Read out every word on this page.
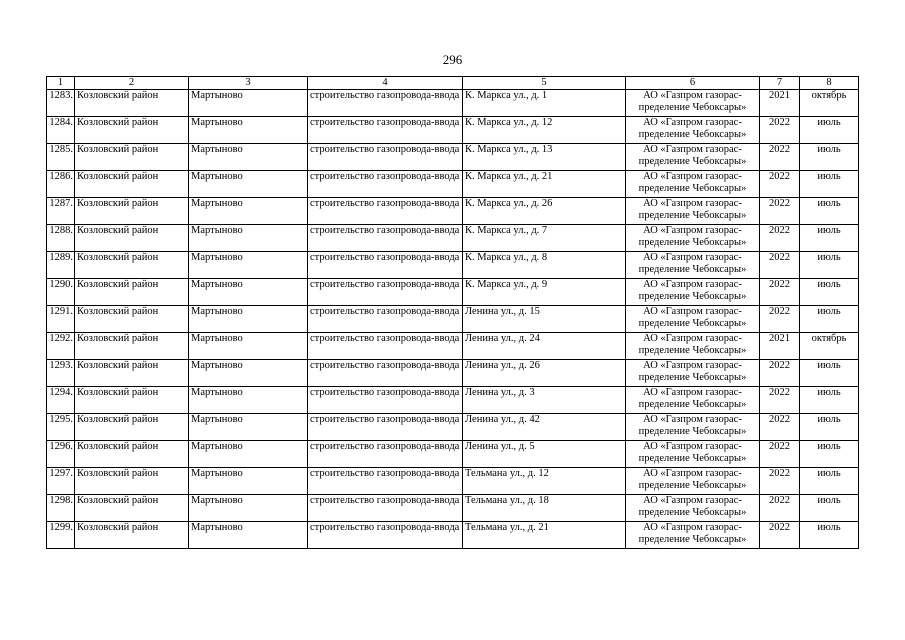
296
1	2	3	4	5	6	7	8
1283.	Козловский район	Мартыново	строительство газопровода-ввода	К. Маркса ул., д. 1	АО «Газпром газорас-пределение Чебоксары»	2021	октябрь
1284.	Козловский район	Мартыново	строительство газопровода-ввода	К. Маркса ул., д. 12	АО «Газпром газорас-пределение Чебоксары»	2022	июль
1285.	Козловский район	Мартыново	строительство газопровода-ввода	К. Маркса ул., д. 13	АО «Газпром газорас-пределение Чебоксары»	2022	июль
1286.	Козловский район	Мартыново	строительство газопровода-ввода	К. Маркса ул., д. 21	АО «Газпром газорас-пределение Чебоксары»	2022	июль
1287.	Козловский район	Мартыново	строительство газопровода-ввода	К. Маркса ул., д. 26	АО «Газпром газорас-пределение Чебоксары»	2022	июль
1288.	Козловский район	Мартыново	строительство газопровода-ввода	К. Маркса ул., д. 7	АО «Газпром газорас-пределение Чебоксары»	2022	июль
1289.	Козловский район	Мартыново	строительство газопровода-ввода	К. Маркса ул., д. 8	АО «Газпром газорас-пределение Чебоксары»	2022	июль
1290.	Козловский район	Мартыново	строительство газопровода-ввода	К. Маркса ул., д. 9	АО «Газпром газорас-пределение Чебоксары»	2022	июль
1291.	Козловский район	Мартыново	строительство газопровода-ввода	Ленина ул., д. 15	АО «Газпром газорас-пределение Чебоксары»	2022	июль
1292.	Козловский район	Мартыново	строительство газопровода-ввода	Ленина ул., д. 24	АО «Газпром газорас-пределение Чебоксары»	2021	октябрь
1293.	Козловский район	Мартыново	строительство газопровода-ввода	Ленина ул., д. 26	АО «Газпром газорас-пределение Чебоксары»	2022	июль
1294.	Козловский район	Мартыново	строительство газопровода-ввода	Ленина ул., д. 3	АО «Газпром газорас-пределение Чебоксары»	2022	июль
1295.	Козловский район	Мартыново	строительство газопровода-ввода	Ленина ул., д. 42	АО «Газпром газорас-пределение Чебоксары»	2022	июль
1296.	Козловский район	Мартыново	строительство газопровода-ввода	Ленина ул., д. 5	АО «Газпром газорас-пределение Чебоксары»	2022	июль
1297.	Козловский район	Мартыново	строительство газопровода-ввода	Тельмана ул., д. 12	АО «Газпром газорас-пределение Чебоксары»	2022	июль
1298.	Козловский район	Мартыново	строительство газопровода-ввода	Тельмана ул., д. 18	АО «Газпром газорас-пределение Чебоксары»	2022	июль
1299.	Козловский район	Мартыново	строительство газопровода-ввода	Тельмана ул., д. 21	АО «Газпром газорас-пределение Чебоксары»	2022	июль
